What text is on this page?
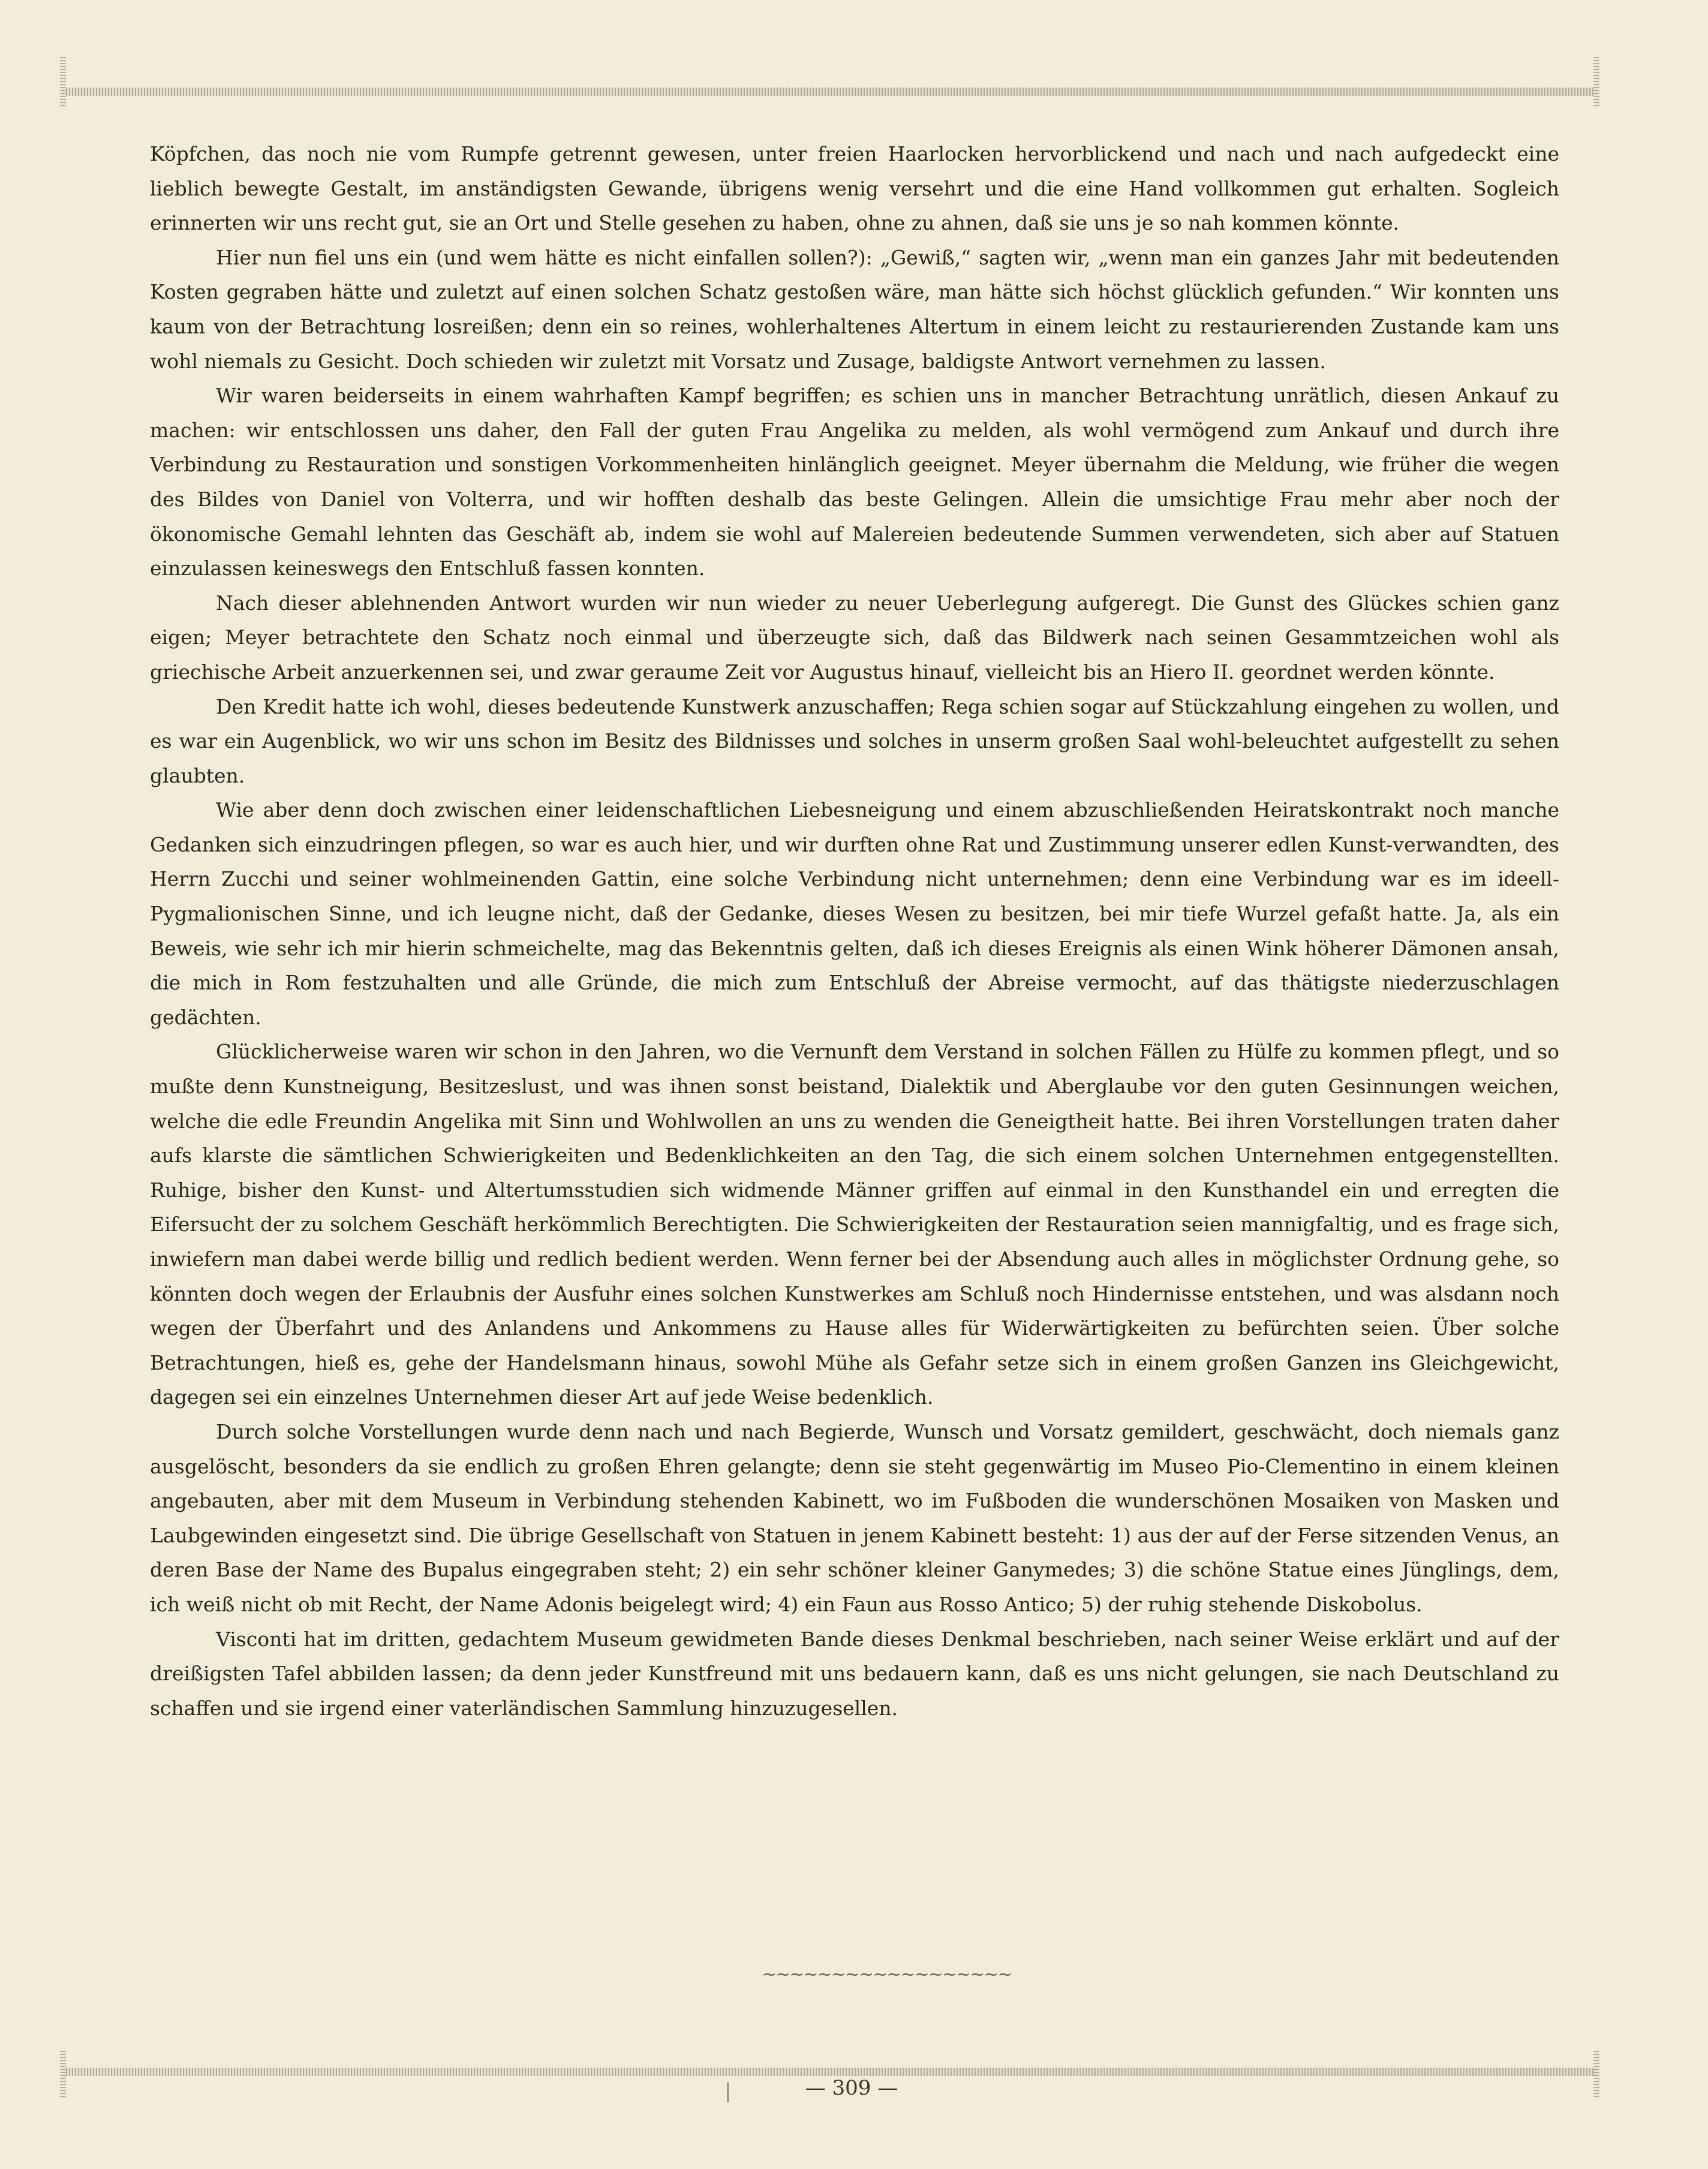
Köpfchen, das noch nie vom Rumpfe getrennt gewesen, unter freien Haarlocken hervorblickend und nach und nach aufgedeckt eine lieblich bewegte Gestalt, im anständigsten Gewande, übrigens wenig versehrt und die eine Hand vollkommen gut erhalten. Sogleich erinnerten wir uns recht gut, sie an Ort und Stelle gesehen zu haben, ohne zu ahnen, daß sie uns je so nah kommen könnte.

Hier nun fiel uns ein (und wem hätte es nicht einfallen sollen?): „Gewiß,“ sagten wir, „wenn man ein ganzes Jahr mit bedeutenden Kosten gegraben hätte und zuletzt auf einen solchen Schatz gestoßen wäre, man hätte sich höchst glücklich gefunden.“ Wir konnten uns kaum von der Betrachtung losreißen; denn ein so reines, wohlerhaltenes Altertum in einem leicht zu restaurierenden Zustande kam uns wohl niemals zu Gesicht. Doch schieden wir zuletzt mit Vorsatz und Zusage, baldigste Antwort vernehmen zu lassen.

Wir waren beiderseits in einem wahrhaften Kampf begriffen; es schien uns in mancher Betrachtung unrätlich, diesen Ankauf zu machen: wir entschlossen uns daher, den Fall der guten Frau Angelika zu melden, als wohl vermögend zum Ankauf und durch ihre Verbindung zu Restauration und sonstigen Vorkommenheiten hinlänglich geeignet. Meyer übernahm die Meldung, wie früher die wegen des Bildes von Daniel von Volterra, und wir hofften deshalb das beste Gelingen. Allein die umsichtige Frau mehr aber noch der ökonomische Gemahl lehnten das Geschäft ab, indem sie wohl auf Malereien bedeutende Summen verwendeten, sich aber auf Statuen einzulassen keineswegs den Entschluß fassen konnten.

Nach dieser ablehnenden Antwort wurden wir nun wieder zu neuer Ueberlegung aufgeregt. Die Gunst des Glückes schien ganz eigen; Meyer betrachtete den Schatz noch einmal und überzeugte sich, daß das Bildwerk nach seinen Gesammtzeichen wohl als griechische Arbeit anzuerkennen sei, und zwar geraume Zeit vor Augustus hinauf, vielleicht bis an Hiero II. geordnet werden könnte.

Den Kredit hatte ich wohl, dieses bedeutende Kunstwerk anzuschaffen; Rega schien sogar auf Stückzahlung eingehen zu wollen, und es war ein Augenblick, wo wir uns schon im Besitz des Bildnisses und solches in unserm großen Saal wohl-beleuchtet aufgestellt zu sehen glaubten.

Wie aber denn doch zwischen einer leidenschaftlichen Liebesneigung und einem abzuschließenden Heiratskontrakt noch manche Gedanken sich einzudringen pflegen, so war es auch hier, und wir durften ohne Rat und Zustimmung unserer edlen Kunst-verwandten, des Herrn Zucchi und seiner wohlmeinenden Gattin, eine solche Verbindung nicht unternehmen; denn eine Verbindung war es im ideell-Pygmalionischen Sinne, und ich leugne nicht, daß der Gedanke, dieses Wesen zu besitzen, bei mir tiefe Wurzel gefaßt hatte. Ja, als ein Beweis, wie sehr ich mir hierin schmeichelte, mag das Bekenntnis gelten, daß ich dieses Ereignis als einen Wink höherer Dämonen ansah, die mich in Rom festzuhalten und alle Gründe, die mich zum Entschluß der Abreise vermocht, auf das thätigste niederzuschlagen gedächten.

Glücklicherweise waren wir schon in den Jahren, wo die Vernunft dem Verstand in solchen Fällen zu Hülfe zu kommen pflegt, und so mußte denn Kunstneigung, Besitzeslust, und was ihnen sonst beistand, Dialektik und Aberglaube vor den guten Gesinnungen weichen, welche die edle Freundin Angelika mit Sinn und Wohlwollen an uns zu wenden die Geneigtheit hatte. Bei ihren Vorstellungen traten daher aufs klarste die sämtlichen Schwierigkeiten und Bedenklichkeiten an den Tag, die sich einem solchen Unternehmen entgegenstellten. Ruhige, bisher den Kunst- und Altertumsstudien sich widmende Männer griffen auf einmal in den Kunsthandel ein und erregten die Eifersucht der zu solchem Geschäft herkömmlich Berechtigten. Die Schwierigkeiten der Restauration seien mannigfaltig, und es frage sich, inwiefern man dabei werde billig und redlich bedient werden. Wenn ferner bei der Absendung auch alles in möglichster Ordnung gehe, so könnten doch wegen der Erlaubnis der Ausfuhr eines solchen Kunstwerkes am Schluß noch Hindernisse entstehen, und was alsdann noch wegen der Überfahrt und des Anlandens und Ankommens zu Hause alles für Widerwärtigkeiten zu befürchten seien. Über solche Betrachtungen, hieß es, gehe der Handelsmann hinaus, sowohl Mühe als Gefahr setze sich in einem großen Ganzen ins Gleichgewicht, dagegen sei ein einzelnes Unternehmen dieser Art auf jede Weise bedenklich.

Durch solche Vorstellungen wurde denn nach und nach Begierde, Wunsch und Vorsatz gemildert, geschwächt, doch niemals ganz ausgelöscht, besonders da sie endlich zu großen Ehren gelangte; denn sie steht gegenwärtig im Museo Pio-Clementino in einem kleinen angebauten, aber mit dem Museum in Verbindung stehenden Kabinett, wo im Fußboden die wunderschönen Mosaiken von Masken und Laubgewinden eingesetzt sind. Die übrige Gesellschaft von Statuen in jenem Kabinett besteht: 1) aus der auf der Ferse sitzenden Venus, an deren Base der Name des Bupalus eingegraben steht; 2) ein sehr schöner kleiner Ganymedes; 3) die schöne Statue eines Jünglings, dem, ich weiß nicht ob mit Recht, der Name Adonis beigelegt wird; 4) ein Faun aus Rosso Antico; 5) der ruhig stehende Diskobolus.

Visconti hat im dritten, gedachtem Museum gewidmeten Bande dieses Denkmal beschrieben, nach seiner Weise erklärt und auf der dreißigsten Tafel abbilden lassen; da denn jeder Kunstfreund mit uns bedauern kann, daß es uns nicht gelungen, sie nach Deutschland zu schaffen und sie irgend einer vaterländischen Sammlung hinzuzugesellen.

~~~~~~~~~~~~~~~~~~
|	— 309 —
